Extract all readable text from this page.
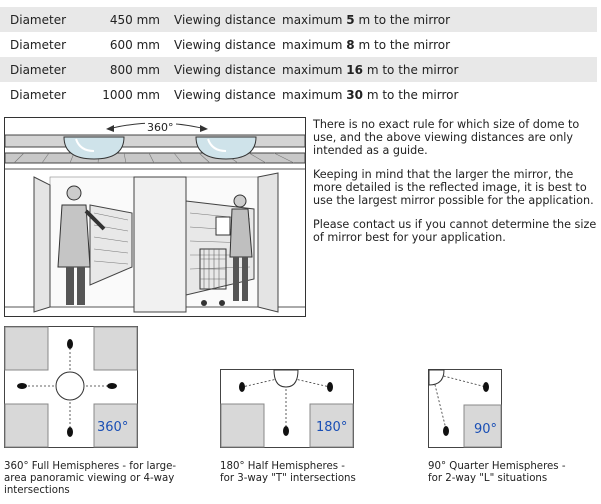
Diameter	450 mm	Viewing distance	maximum 5 m to the mirror
Diameter	600 mm	Viewing distance	maximum 8 m to the mirror
Diameter	800 mm	Viewing distance	maximum 16 m to the mirror
Diameter	1000 mm	Viewing distance	maximum 30 m to the mirror
360°	There is no exact rule for which size of dome to use, and the above viewing distances are only intended as a guide.

Keeping in mind that the larger the mirror, the more detailed is the reflected image, it is best to use the largest mirror possible for the application.

Please contact us if you cannot determine the size of mirror best for your application.

360°	180°	90°
360° Full Hemispheres - for large-
area panoramic viewing or 4-way
intersections
180° Half Hemispheres -
for 3-way "T" intersections
90° Quarter Hemispheres -
for 2-way "L" situations
